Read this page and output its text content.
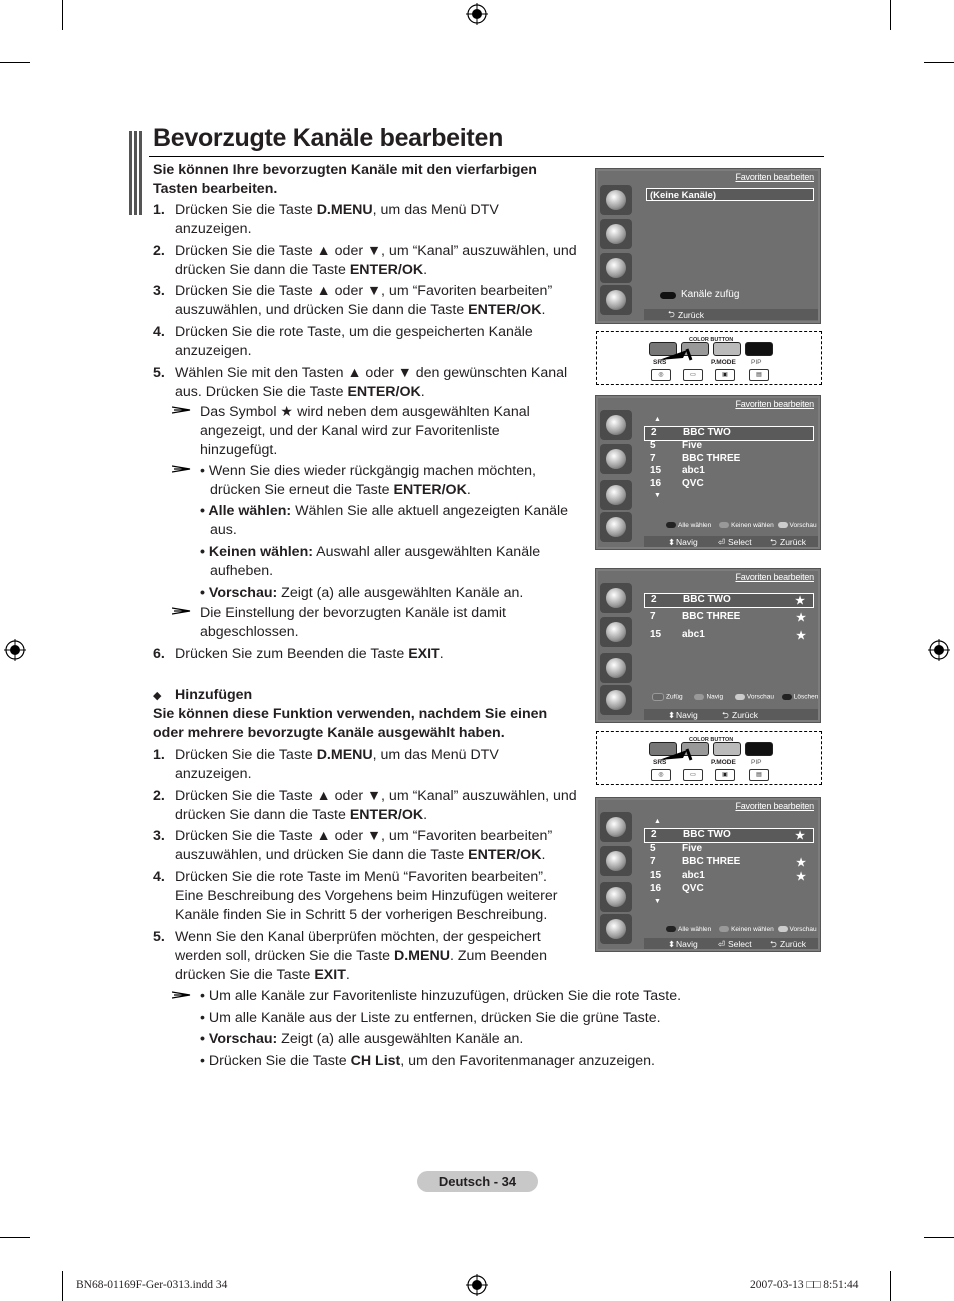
Bevorzugte Kanäle bearbeiten
Sie können Ihre bevorzugten Kanäle mit den vierfarbigen Tasten bearbeiten.
1. Drücken Sie die Taste D.MENU, um das Menü DTV anzuzeigen.
2. Drücken Sie die Taste ▲ oder ▼, um “Kanal” auszuwählen, und drücken Sie dann die Taste ENTER/OK.
3. Drücken Sie die Taste ▲ oder ▼, um “Favoriten bearbeiten” auszuwählen, und drücken Sie dann die Taste ENTER/OK.
4. Drücken Sie die rote Taste, um die gespeicherten Kanäle anzuzeigen.
5. Wählen Sie mit den Tasten ▲ oder ▼ den gewünschten Kanal aus. Drücken Sie die Taste ENTER/OK.
Das Symbol ★ wird neben dem ausgewählten Kanal angezeigt, und der Kanal wird zur Favoritenliste hinzugefügt.
• Wenn Sie dies wieder rückgängig machen möchten, drücken Sie erneut die Taste ENTER/OK.
• Alle wählen: Wählen Sie alle aktuell angezeigten Kanäle aus.
• Keinen wählen: Auswahl aller ausgewählten Kanäle aufheben.
• Vorschau: Zeigt (a) alle ausgewählten Kanäle an.
Die Einstellung der bevorzugten Kanäle ist damit abgeschlossen.
6. Drücken Sie zum Beenden die Taste EXIT.
◆ Hinzufügen
Sie können diese Funktion verwenden, nachdem Sie einen oder mehrere bevorzugte Kanäle ausgewählt haben.
1. Drücken Sie die Taste D.MENU, um das Menü DTV anzuzeigen.
2. Drücken Sie die Taste ▲ oder ▼, um “Kanal” auszuwählen, und drücken Sie dann die Taste ENTER/OK.
3. Drücken Sie die Taste ▲ oder ▼, um “Favoriten bearbeiten” auszuwählen, und drücken Sie dann die Taste ENTER/OK.
4. Drücken Sie die rote Taste im Menü “Favoriten bearbeiten”. Eine Beschreibung des Vorgehens beim Hinzufügen weiterer Kanäle finden Sie in Schritt 5 der vorherigen Beschreibung.
5. Wenn Sie den Kanal überprüfen möchten, der gespeichert werden soll, drücken Sie die Taste D.MENU. Zum Beenden drücken Sie die Taste EXIT.
• Um alle Kanäle zur Favoritenliste hinzuzufügen, drücken Sie die rote Taste.
• Um alle Kanäle aus der Liste zu entfernen, drücken Sie die grüne Taste.
• Vorschau: Zeigt (a) alle ausgewählten Kanäle an.
• Drücken Sie die Taste CH List, um den Favoritenmanager anzuzeigen.
Favoriten bearbeiten
(Keine Kanäle)
Kanäle zufüg
⮌ Zurück
COLOR BUTTON
SRS	P.MODE PIP
◎	▭	▣	▤
Favoriten bearbeiten
▲
2	BBC TWO
5	Five
7	BBC THREE
15 abc1
16 QVC
▼
Alle wählen	Keinen wählen Vorschau
⬍ Navig ⏎ Select ⮌ Zurück
Favoriten bearbeiten
2	BBC TWO	★
7	BBC THREE	★
15 abc1	★
Zufüg	Navig	Vorschau	Löschen
⬍ Navig	⮌ Zurück
COLOR BUTTON
SRS	P.MODE PIP
◎	▭	▣	▤
Favoriten bearbeiten
▲
2	BBC TWO	★
5	Five
7	BBC THREE	★
15 abc1	★
16 QVC
▼
Alle wählen	Keinen wählen Vorschau
⬍ Navig ⏎ Select ⮌ Zurück
Deutsch - 34
BN68-01169F-Ger-0313.indd 34	2007-03-13 □□ 8:51:44
